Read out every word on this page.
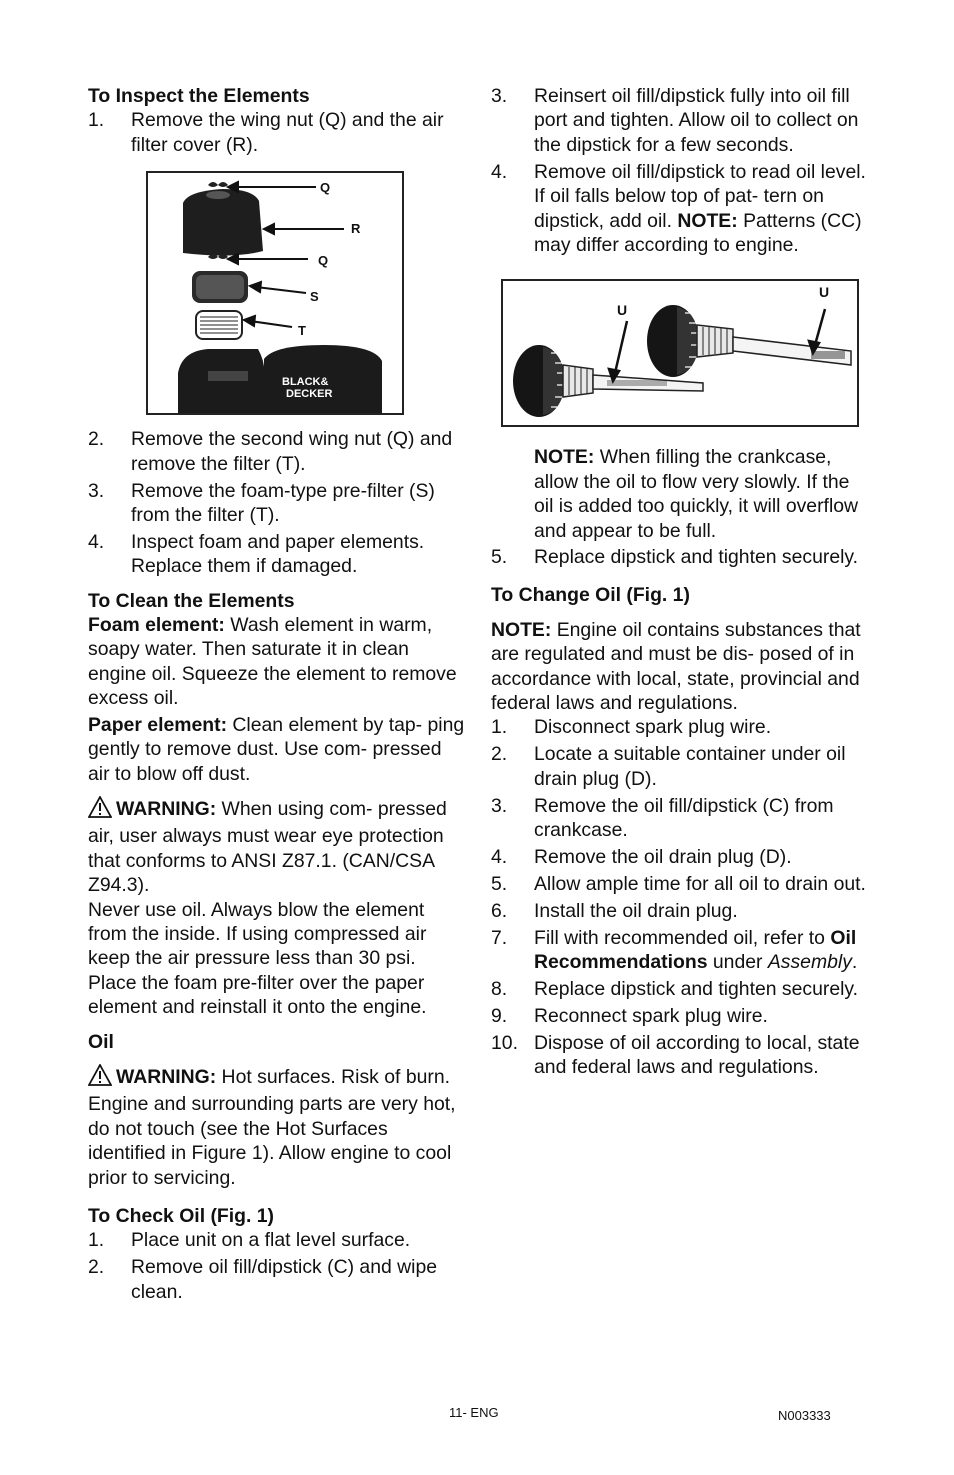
To Inspect the Elements
1.	Remove the wing nut (Q) and the air filter cover (R).
BLACK&
DECKER
Q
R
Q
S
T
2.	Remove the second wing nut (Q) and remove the filter (T).
3.	Remove the foam-type pre-filter (S) from the filter (T).
4.	Inspect foam and paper elements. Replace them if damaged.
To Clean the Elements

Foam element: Wash element in warm, soapy water. Then saturate it in clean engine oil. Squeeze the element to remove excess oil.

Paper element: Clean element by tap- ping gently to remove dust. Use com- pressed air to blow off dust.

WARNING: When using com- pressed air, user always must wear eye protection that conforms to ANSI Z87.1. (CAN/CSA Z94.3).

Never use oil. Always blow the element from the inside. If using compressed air keep the air pressure less than 30 psi.

Place the foam pre-filter over the paper element and reinstall it onto the engine.

Oil

WARNING: Hot surfaces. Risk of burn. Engine and surrounding parts are very hot, do not touch (see the Hot Surfaces identified in Figure 1). Allow engine to cool prior to servicing.

To Check Oil (Fig. 1)
1.	Place unit on a flat level surface.
2.	Remove oil fill/dipstick (C) and wipe clean.
3.	Reinsert oil fill/dipstick fully into oil fill port and tighten. Allow oil to collect on the dipstick for a few seconds.
4.	Remove oil fill/dipstick to read oil level. If oil falls below top of pat- tern on dipstick, add oil. NOTE: Patterns (CC) may differ according to engine.
U
U

NOTE: When filling the crankcase, allow the oil to flow very slowly. If the oil is added too quickly, it will overflow and appear to be full.

5.	Replace dipstick and tighten securely.
To Change Oil (Fig. 1)

NOTE: Engine oil contains substances that are regulated and must be dis- posed of in accordance with local, state, provincial and federal laws and regulations.

1.	Disconnect spark plug wire.
2.	Locate a suitable container under oil drain plug (D).
3.	Remove the oil fill/dipstick (C) from crankcase.
4.	Remove the oil drain plug (D).
5.	Allow ample time for all oil to drain out.
6.	Install the oil drain plug.
7.	Fill with recommended oil, refer to Oil Recommendations under Assembly.
8.	Replace dipstick and tighten securely.
9.	Reconnect spark plug wire.
10. Dispose of oil according to local, state and federal laws and regulations.
11- ENG	N003333
